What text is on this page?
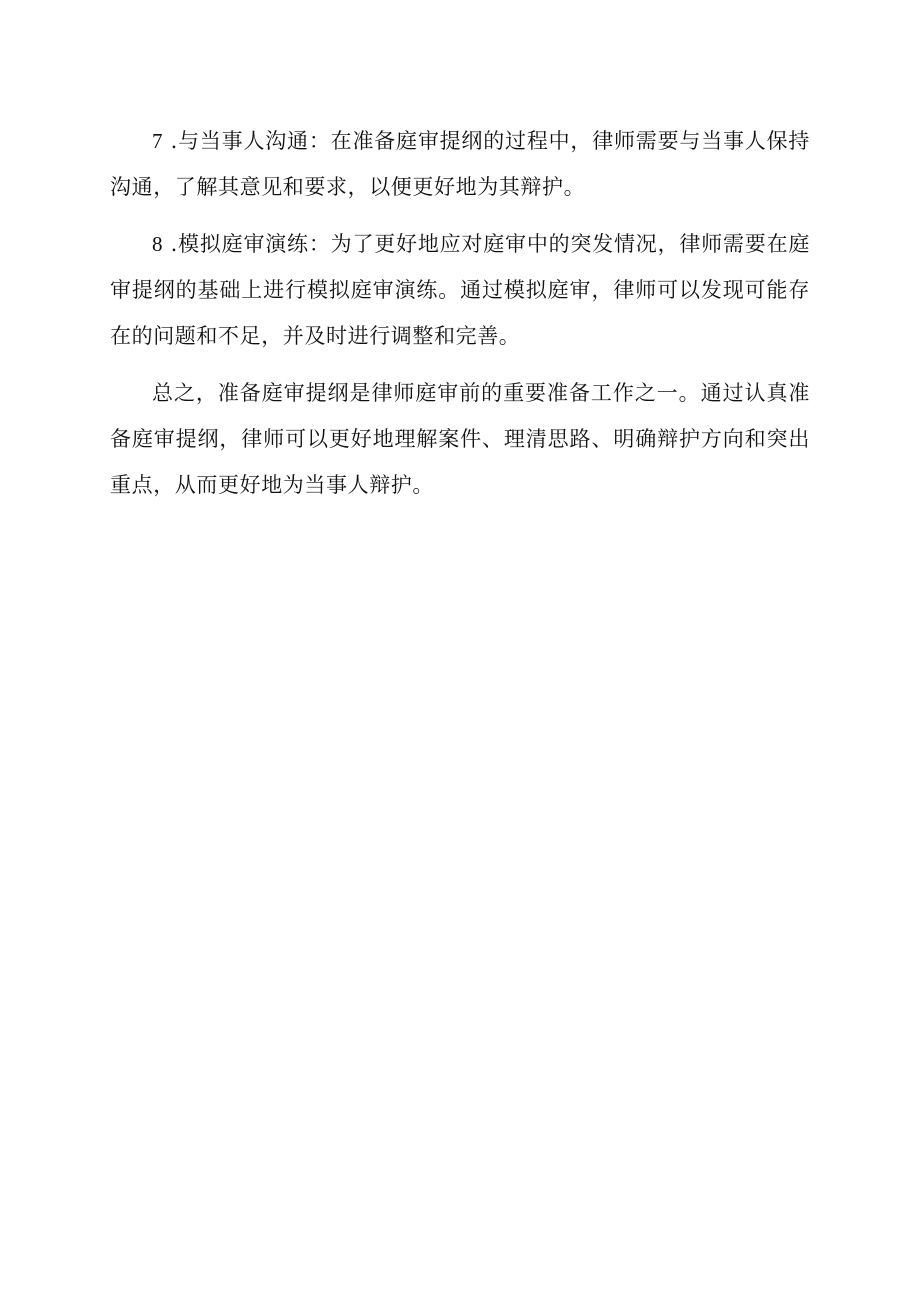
7 .与当事人沟通：在准备庭审提纲的过程中，律师需要与当事人保持沟通，了解其意见和要求，以便更好地为其辩护。

8 .模拟庭审演练：为了更好地应对庭审中的突发情况，律师需要在庭审提纲的基础上进行模拟庭审演练。通过模拟庭审，律师可以发现可能存在的问题和不足，并及时进行调整和完善。

总之，准备庭审提纲是律师庭审前的重要准备工作之一。通过认真准备庭审提纲，律师可以更好地理解案件、理清思路、明确辩护方向和突出重点，从而更好地为当事人辩护。
